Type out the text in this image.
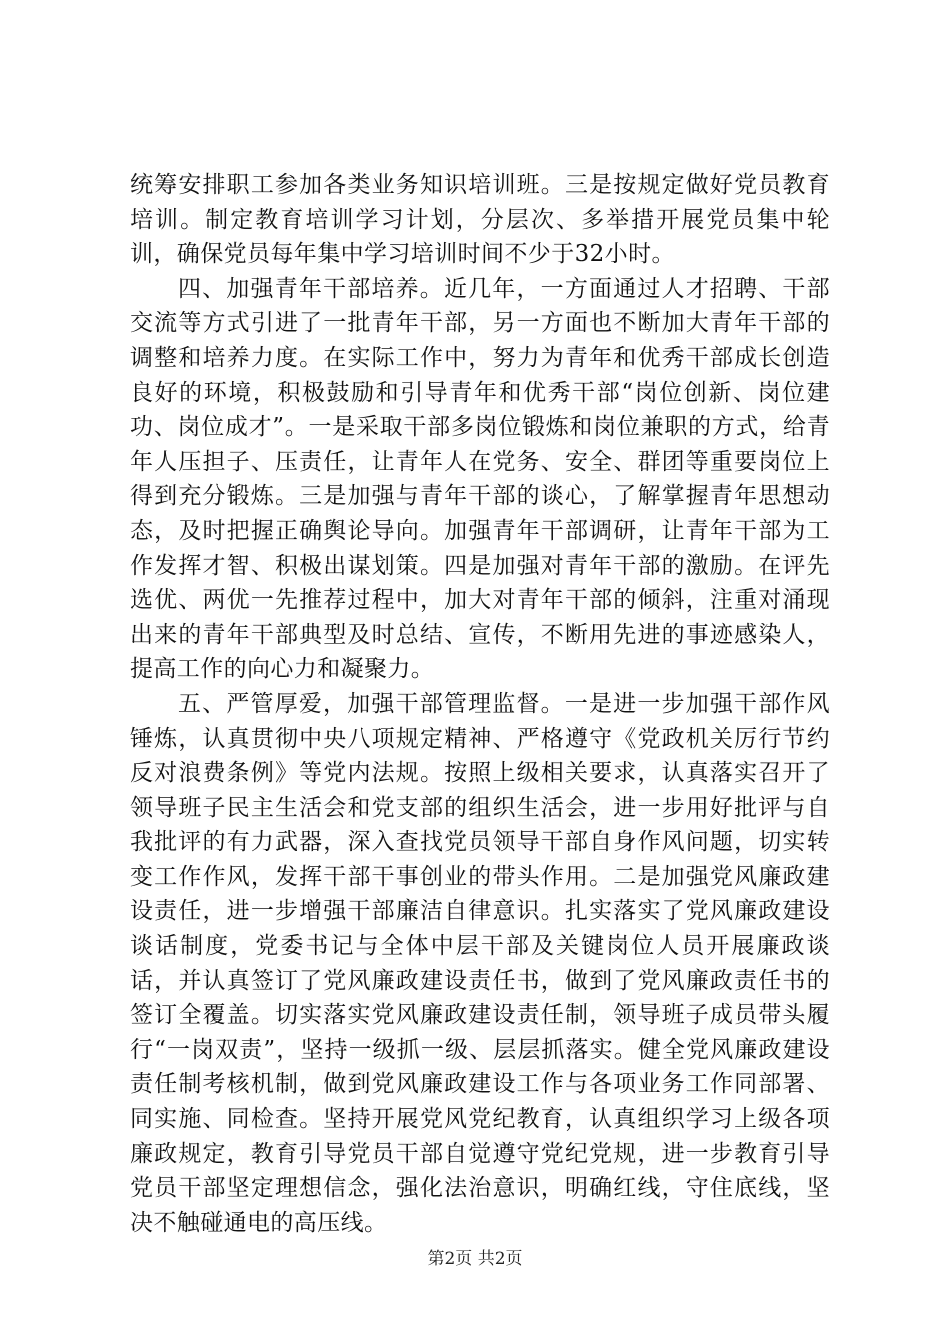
统筹安排职工参加各类业务知识培训班。三是按规定做好党员教育培训。制定教育培训学习计划，分层次、多举措开展党员集中轮训，确保党员每年集中学习培训时间不少于32小时。

四、加强青年干部培养。近几年，一方面通过人才招聘、干部交流等方式引进了一批青年干部，另一方面也不断加大青年干部的调整和培养力度。在实际工作中，努力为青年和优秀干部成长创造良好的环境，积极鼓励和引导青年和优秀干部“岗位创新、岗位建功、岗位成才”。一是采取干部多岗位锻炼和岗位兼职的方式，给青年人压担子、压责任，让青年人在党务、安全、群团等重要岗位上得到充分锻炼。三是加强与青年干部的谈心，了解掌握青年思想动态，及时把握正确舆论导向。加强青年干部调研，让青年干部为工作发挥才智、积极出谋划策。四是加强对青年干部的激励。在评先选优、两优一先推荐过程中，加大对青年干部的倾斜，注重对涌现出来的青年干部典型及时总结、宣传，不断用先进的事迹感染人，提高工作的向心力和凝聚力。

五、严管厚爱，加强干部管理监督。一是进一步加强干部作风锤炼，认真贯彻中央八项规定精神、严格遵守《党政机关厉行节约反对浪费条例》等党内法规。按照上级相关要求，认真落实召开了领导班子民主生活会和党支部的组织生活会，进一步用好批评与自我批评的有力武器，深入查找党员领导干部自身作风问题，切实转变工作作风，发挥干部干事创业的带头作用。二是加强党风廉政建设责任，进一步增强干部廉洁自律意识。扎实落实了党风廉政建设谈话制度，党委书记与全体中层干部及关键岗位人员开展廉政谈话，并认真签订了党风廉政建设责任书，做到了党风廉政责任书的签订全覆盖。切实落实党风廉政建设责任制，领导班子成员带头履行“一岗双责”，坚持一级抓一级、层层抓落实。健全党风廉政建设责任制考核机制，做到党风廉政建设工作与各项业务工作同部署、同实施、同检查。坚持开展党风党纪教育，认真组织学习上级各项廉政规定，教育引导党员干部自觉遵守党纪党规，进一步教育引导党员干部坚定理想信念，强化法治意识，明确红线，守住底线，坚决不触碰通电的高压线。

第2页 共2页
